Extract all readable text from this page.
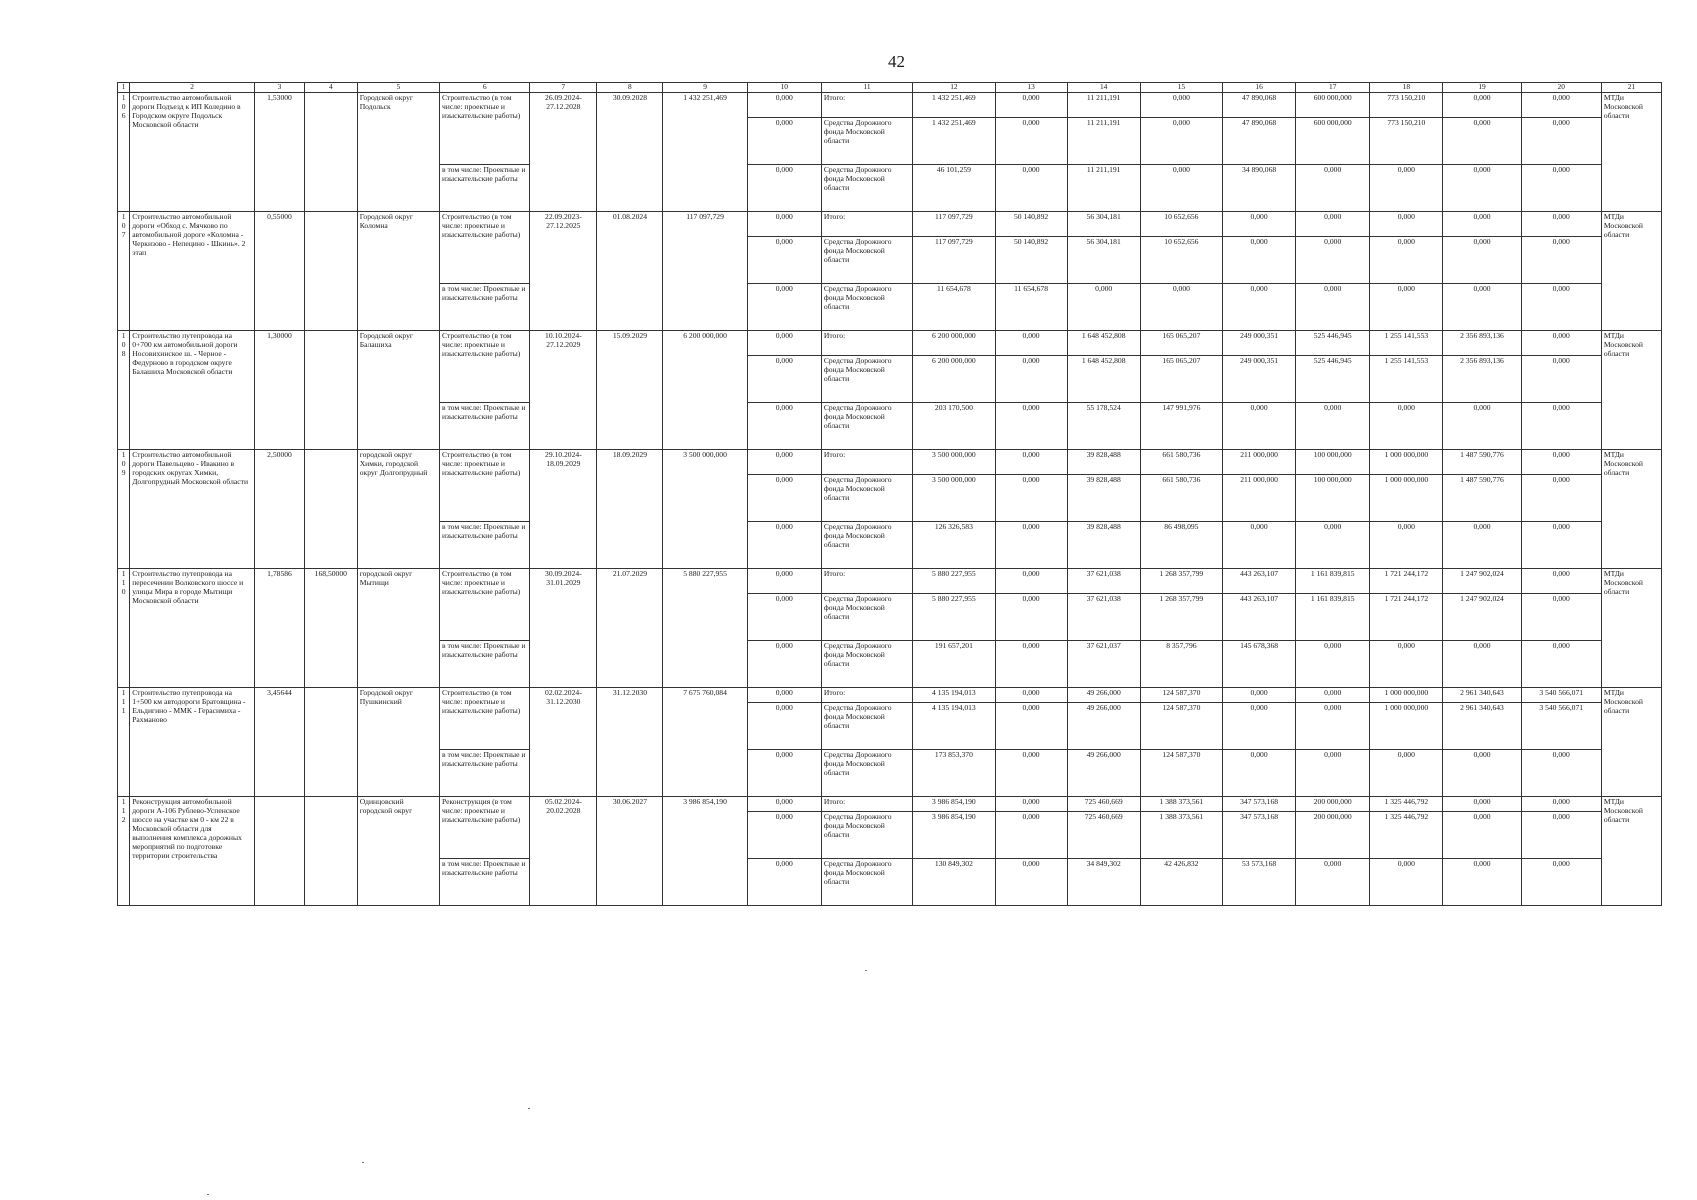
42
1	2	3	4	5	6	7	8	9	10	11	12	13	14	15	16	17	18	19	20	21
106	Строительство автомобильной дороги Подъезд к ИП Коледино в Городском округе Подольск Московской области	1,53000		Городской округ Подольск	Строительство (в том числе: проектные и изыскательские работы)	26.09.2024-27.12.2028	30.09.2028	1 432 251,469	0,000	Итого:	1 432 251,469	0,000	11 211,191	0,000	47 890,068	600 000,000	773 150,210	0,000	0,000	МТДи Московской области
									0,000	Средства Дорожного фонда Московской области	1 432 251,469	0,000	11 211,191	0,000	47 890,068	600 000,000	773 150,210	0,000	0,000	
					в том числе: Проектные и изыскательские работы				0,000	Средства Дорожного фонда Московской области	46 101,259	0,000	11 211,191	0,000	34 890,068	0,000	0,000	0,000	0,000	
107	Строительство автомобильной дороги «Обход с. Мячково по автомобильной дороге «Коломна - Черкизово - Непецино - Шкинь». 2 этап	0,55000		Городской округ Коломна	Строительство (в том числе: проектные и изыскательские работы)	22.09.2023-27.12.2025	01.08.2024	117 097,729	0,000	Итого:	117 097,729	50 140,892	56 304,181	10 652,656	0,000	0,000	0,000	0,000	0,000	МТДи Московской области
									0,000	Средства Дорожного фонда Московской области	117 097,729	50 140,892	56 304,181	10 652,656	0,000	0,000	0,000	0,000	0,000	
					в том числе: Проектные и изыскательские работы				0,000	Средства Дорожного фонда Московской области	11 654,678	11 654,678	0,000	0,000	0,000	0,000	0,000	0,000	0,000	
108	Строительство путепровода на 0+700 км автомобильной дороги Носовихинское ш. - Черное - Федурново в городском округе Балашиха Московской области	1,30000		Городской округ Балашиха	Строительство (в том числе: проектные и изыскательские работы)	10.10.2024-27.12.2029	15.09.2029	6 200 000,000	0,000	Итого:	6 200 000,000	0,000	1 648 452,808	165 065,207	249 000,351	525 446,945	1 255 141,553	2 356 893,136	0,000	МТДи Московской области
									0,000	Средства Дорожного фонда Московской области	6 200 000,000	0,000	1 648 452,808	165 065,207	249 000,351	525 446,945	1 255 141,553	2 356 893,136	0,000	
					в том числе: Проектные и изыскательские работы				0,000	Средства Дорожного фонда Московской области	203 170,500	0,000	55 178,524	147 991,976	0,000	0,000	0,000	0,000	0,000	
109	Строительство автомобильной дороги Павельцево - Ивакино в городских округах Химки, Долгопрудный Московской области	2,50000		городской округ Химки, городской округ Долгопрудный	Строительство (в том числе: проектные и изыскательские работы)	29.10.2024-18.09.2029	18.09.2029	3 500 000,000	0,000	Итого:	3 500 000,000	0,000	39 828,488	661 580,736	211 000,000	100 000,000	1 000 000,000	1 487 590,776	0,000	МТДи Московской области
									0,000	Средства Дорожного фонда Московской области	3 500 000,000	0,000	39 828,488	661 580,736	211 000,000	100 000,000	1 000 000,000	1 487 590,776	0,000	
					в том числе: Проектные и изыскательские работы				0,000	Средства Дорожного фонда Московской области	126 326,583	0,000	39 828,488	86 498,095	0,000	0,000	0,000	0,000	0,000	
110	Строительство путепровода на пересечении Волковского шоссе и улицы Мира в городе Мытищи Московской области	1,78586	168,50000	городской округ Мытищи	Строительство (в том числе: проектные и изыскательские работы)	30.09.2024-31.01.2029	21.07.2029	5 880 227,955	0,000	Итого:	5 880 227,955	0,000	37 621,038	1 268 357,799	443 263,107	1 161 839,815	1 721 244,172	1 247 902,024	0,000	МТДи Московской области
									0,000	Средства Дорожного фонда Московской области	5 880 227,955	0,000	37 621,038	1 268 357,799	443 263,107	1 161 839,815	1 721 244,172	1 247 902,024	0,000	
					в том числе: Проектные и изыскательские работы				0,000	Средства Дорожного фонда Московской области	191 657,201	0,000	37 621,037	8 357,796	145 678,368	0,000	0,000	0,000	0,000	
111	Строительство путепровода на 1+500 км автодороги Братовщина - Ельдигино - ММК - Герасимиха - Рахманово	3,45644		Городской округ Пушкинский	Строительство (в том числе: проектные и изыскательские работы)	02.02.2024-31.12.2030	31.12.2030	7 675 760,084	0,000	Итого:	4 135 194,013	0,000	49 266,000	124 587,370	0,000	0,000	1 000 000,000	2 961 340,643	3 540 566,071	МТДи Московской области
									0,000	Средства Дорожного фонда Московской области	4 135 194,013	0,000	49 266,000	124 587,370	0,000	0,000	1 000 000,000	2 961 340,643	3 540 566,071	
					в том числе: Проектные и изыскательские работы				0,000	Средства Дорожного фонда Московской области	173 853,370	0,000	49 266,000	124 587,370	0,000	0,000	0,000	0,000	0,000	
112	Реконструкция автомобильной дороги А-106 Рублево-Успенское шоссе на участке км 0 - км 22 в Московской области для выполнения комплекса дорожных мероприятий по подготовке территории строительства			Одинцовский городской округ	Реконструкция (в том числе: проектные и изыскательские работы)	05.02.2024-20.02.2028	30.06.2027	3 986 854,190	0,000	Итого:	3 986 854,190	0,000	725 460,669	1 388 373,561	347 573,168	200 000,000	1 325 446,792	0,000	0,000	МТДи Московской области
									0,000	Средства Дорожного фонда Московской области	3 986 854,190	0,000	725 460,669	1 388 373,561	347 573,168	200 000,000	1 325 446,792	0,000	0,000	
					в том числе: Проектные и изыскательские работы				0,000	Средства Дорожного фонда Московской области	130 849,302	0,000	34 849,302	42 426,832	53 573,168	0,000	0,000	0,000	0,000	
